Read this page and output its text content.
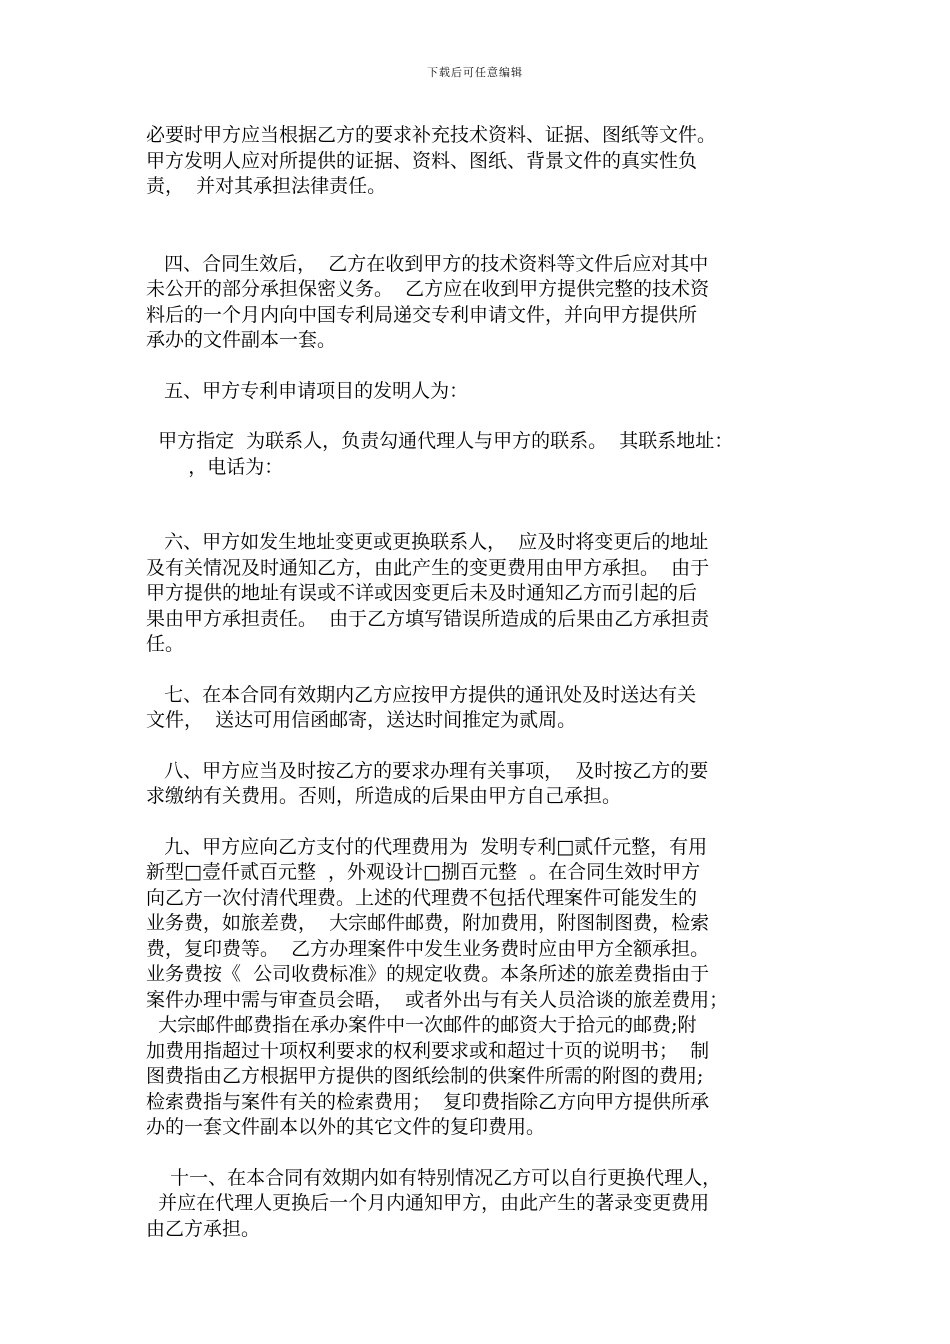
下载后可任意编辑
必要时甲方应当根据乙方的要求补充技术资料、证据、图纸等文件。
甲方发明人应对所提供的证据、资料、图纸、背景文件的真实性负
责，  并对其承担法律责任。
四、合同生效后，  乙方在收到甲方的技术资料等文件后应对其中
未公开的部分承担保密义务。  乙方应在收到甲方提供完整的技术资
料后的一个月内向中国专利局递交专利申请文件，并向甲方提供所
承办的文件副本一套。
五、甲方专利申请项目的发明人为：
甲方指定  为联系人，负责勾通代理人与甲方的联系。  其联系地址：
，电话为：
六、甲方如发生地址变更或更换联系人，  应及时将变更后的地址
及有关情况及时通知乙方，由此产生的变更费用由甲方承担。  由于
甲方提供的地址有误或不详或因变更后未及时通知乙方而引起的后
果由甲方承担责任。  由于乙方填写错误所造成的后果由乙方承担责
任。
七、在本合同有效期内乙方应按甲方提供的通讯处及时送达有关
文件，  送达可用信函邮寄，送达时间推定为贰周。
八、甲方应当及时按乙方的要求办理有关事项，  及时按乙方的要
求缴纳有关费用。否则，所造成的后果由甲方自己承担。
九、甲方应向乙方支付的代理费用为  发明专利□贰仟元整，有用
新型□壹仟贰百元整  ，外观设计□捌百元整  。在合同生效时甲方
向乙方一次付清代理费。上述的代理费不包括代理案件可能发生的
业务费，如旅差费，  大宗邮件邮费，附加费用，附图制图费，检索
费，复印费等。  乙方办理案件中发生业务费时应由甲方全额承担。
业务费按《  公司收费标准》的规定收费。本条所述的旅差费指由于
案件办理中需与审查员会晤，  或者外出与有关人员洽谈的旅差费用；
大宗邮件邮费指在承办案件中一次邮件的邮资大于拾元的邮费;附
加费用指超过十项权利要求的权利要求或和超过十页的说明书；  制
图费指由乙方根据甲方提供的图纸绘制的供案件所需的附图的费用;
检索费指与案件有关的检索费用；  复印费指除乙方向甲方提供所承
办的一套文件副本以外的其它文件的复印费用。
十一、在本合同有效期内如有特别情况乙方可以自行更换代理人，
并应在代理人更换后一个月内通知甲方，由此产生的著录变更费用
由乙方承担。
